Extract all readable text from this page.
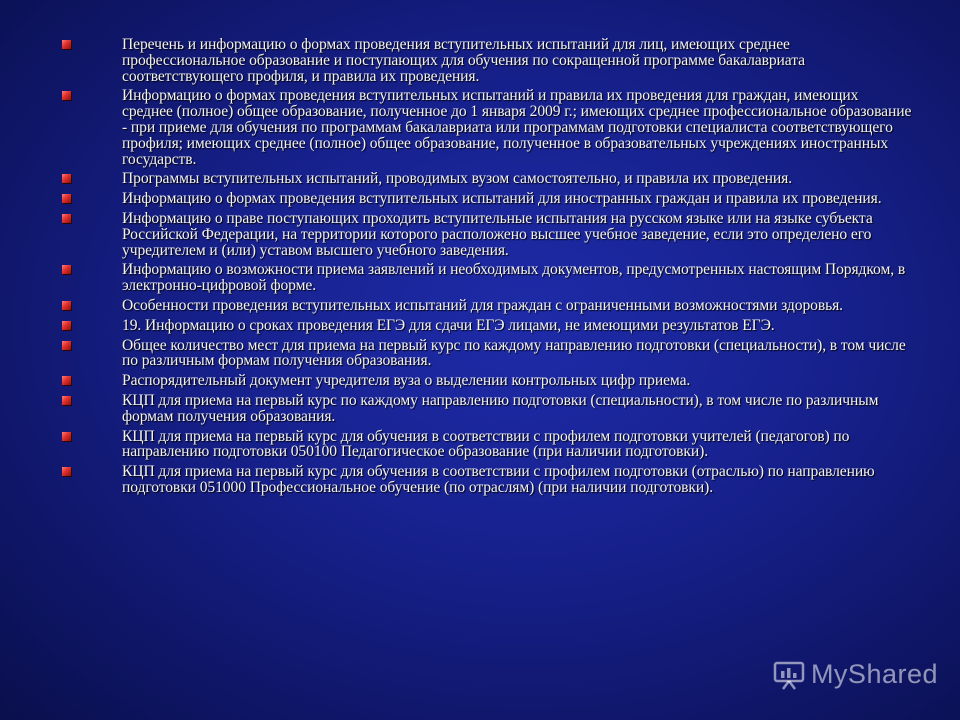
Перечень и информацию о формах проведения вступительных испытаний для лиц, имеющих среднее профессиональное образование и поступающих для обучения по сокращенной программе бакалавриата соответствующего профиля, и правила их проведения.
Информацию о формах проведения вступительных испытаний и правила их проведения для граждан, имеющих среднее (полное) общее образование, полученное до 1 января 2009 г.; имеющих среднее профессиональное образование - при приеме для обучения по программам бакалавриата или программам подготовки специалиста соответствующего профиля; имеющих среднее (полное) общее образование, полученное в образовательных учреждениях иностранных государств.
Программы вступительных испытаний, проводимых вузом самостоятельно, и правила их проведения.
Информацию о формах проведения вступительных испытаний для иностранных граждан и правила их проведения.
Информацию о праве поступающих проходить вступительные испытания на русском языке или на языке субъекта Российской Федерации, на территории которого расположено высшее учебное заведение, если это определено его учредителем и (или) уставом высшего учебного заведения.
Информацию о возможности приема заявлений и необходимых документов, предусмотренных настоящим Порядком, в электронно-цифровой форме.
Особенности проведения вступительных испытаний для граждан с ограниченными возможностями здоровья.
19. Информацию о сроках проведения ЕГЭ для сдачи ЕГЭ лицами, не имеющими результатов ЕГЭ.
Общее количество мест для приема на первый курс по каждому направлению подготовки (специальности), в том числе по различным формам получения образования.
Распорядительный документ учредителя вуза о выделении контрольных цифр приема.
КЦП для приема на первый курс по каждому направлению подготовки (специальности), в том числе по различным формам получения образования.
КЦП для приема на первый курс для обучения в соответствии с профилем подготовки учителей (педагогов) по направлению подготовки 050100 Педагогическое образование (при наличии подготовки).
КЦП для приема на первый курс для обучения в соответствии с профилем подготовки (отраслью) по направлению подготовки 051000 Профессиональное обучение (по отраслям) (при наличии подготовки).
MyShared
